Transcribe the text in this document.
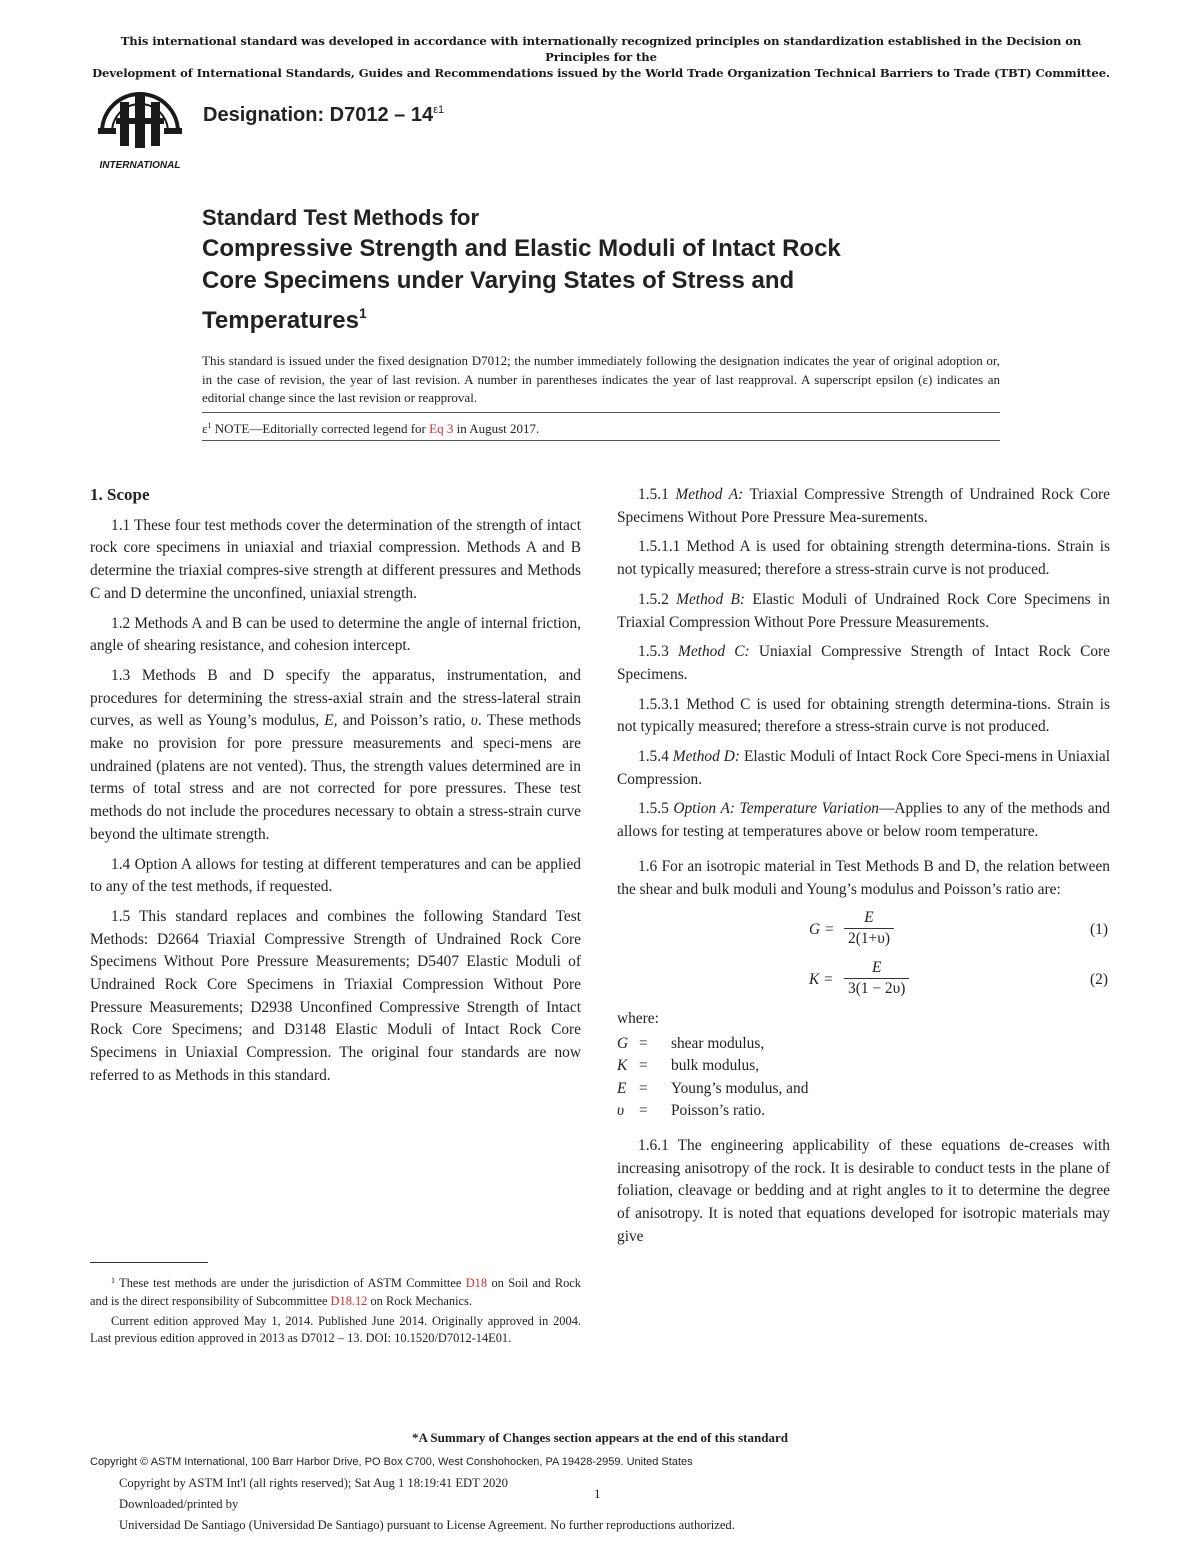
This international standard was developed in accordance with internationally recognized principles on standardization established in the Decision on Principles for the
Development of International Standards, Guides and Recommendations issued by the World Trade Organization Technical Barriers to Trade (TBT) Committee.
INTERNATIONAL
Designation: $D7012 - 14^{\varepsilon 1}$
Standard Test Methods for
Compressive Strength and Elastic Moduli of Intact Rock
Core Specimens under Varying States of Stress and
Temperatures$^1$
This standard is issued under the fixed designation D7012; the number immediately following the designation indicates the year of original adoption or, in the case of revision, the year of last revision. A number in parentheses indicates the year of last reapproval. A superscript epsilon (ε) indicates an editorial change since the last revision or reapproval.
$\varepsilon^1$ NOTE—Editorially corrected legend for Eq 3 in August 2017.

1. Scope

1.1 These four test methods cover the determination of the strength of intact rock core specimens in uniaxial and triaxial compression. Methods A and B determine the triaxial compres-sive strength at different pressures and Methods C and D determine the unconfined, uniaxial strength.

1.2 Methods A and B can be used to determine the angle of internal friction, angle of shearing resistance, and cohesion intercept.

1.3 Methods B and D specify the apparatus, instrumentation, and procedures for determining the stress-axial strain and the stress-lateral strain curves, as well as Young’s modulus, E, and Poisson’s ratio, υ. These methods make no provision for pore pressure measurements and speci-mens are undrained (platens are not vented). Thus, the strength values determined are in terms of total stress and are not corrected for pore pressures. These test methods do not include the procedures necessary to obtain a stress-strain curve beyond the ultimate strength.

1.4 Option A allows for testing at different temperatures and can be applied to any of the test methods, if requested.

1.5 This standard replaces and combines the following Standard Test Methods: D2664 Triaxial Compressive Strength of Undrained Rock Core Specimens Without Pore Pressure Measurements; D5407 Elastic Moduli of Undrained Rock Core Specimens in Triaxial Compression Without Pore Pressure Measurements; D2938 Unconfined Compressive Strength of Intact Rock Core Specimens; and D3148 Elastic Moduli of Intact Rock Core Specimens in Uniaxial Compression. The original four standards are now referred to as Methods in this standard.

$^1$ These test methods are under the jurisdiction of ASTM Committee D18 on Soil and Rock and is the direct responsibility of Subcommittee D18.12 on Rock Mechanics.

Current edition approved May 1, 2014. Published June 2014. Originally approved in 2004. Last previous edition approved in 2013 as D7012 – 13. DOI: 10.1520/D7012-14E01.

1.5.1 Method A: Triaxial Compressive Strength of Undrained Rock Core Specimens Without Pore Pressure Mea-surements.

1.5.1.1 Method A is used for obtaining strength determina-tions. Strain is not typically measured; therefore a stress-strain curve is not produced.

1.5.2 Method B: Elastic Moduli of Undrained Rock Core Specimens in Triaxial Compression Without Pore Pressure Measurements.

1.5.3 Method C: Uniaxial Compressive Strength of Intact Rock Core Specimens.

1.5.3.1 Method C is used for obtaining strength determina-tions. Strain is not typically measured; therefore a stress-strain curve is not produced.

1.5.4 Method D: Elastic Moduli of Intact Rock Core Speci-mens in Uniaxial Compression.

1.5.5 Option A: Temperature Variation—Applies to any of the methods and allows for testing at temperatures above or below room temperature.

1.6 For an isotropic material in Test Methods B and D, the relation between the shear and bulk moduli and Young’s modulus and Poisson’s ratio are:

$G = \frac{E}{2(1+\upsilon)}$	(1)
$K = \frac{E}{3(1 - 2\upsilon)}$	(2)

where:

G =	shear modulus,
K =	bulk modulus,
E =	Young’s modulus, and
υ =	Poisson’s ratio.

1.6.1 The engineering applicability of these equations de-creases with increasing anisotropy of the rock. It is desirable to conduct tests in the plane of foliation, cleavage or bedding and at right angles to it to determine the degree of anisotropy. It is noted that equations developed for isotropic materials may give

*A Summary of Changes section appears at the end of this standard
Copyright © ASTM International, 100 Barr Harbor Drive, PO Box C700, West Conshohocken, PA 19428-2959. United States
Copyright by ASTM Int'l (all rights reserved); Sat Aug 1 18:19:41 EDT 2020
1
Downloaded/printed by
Universidad De Santiago (Universidad De Santiago) pursuant to License Agreement. No further reproductions authorized.
